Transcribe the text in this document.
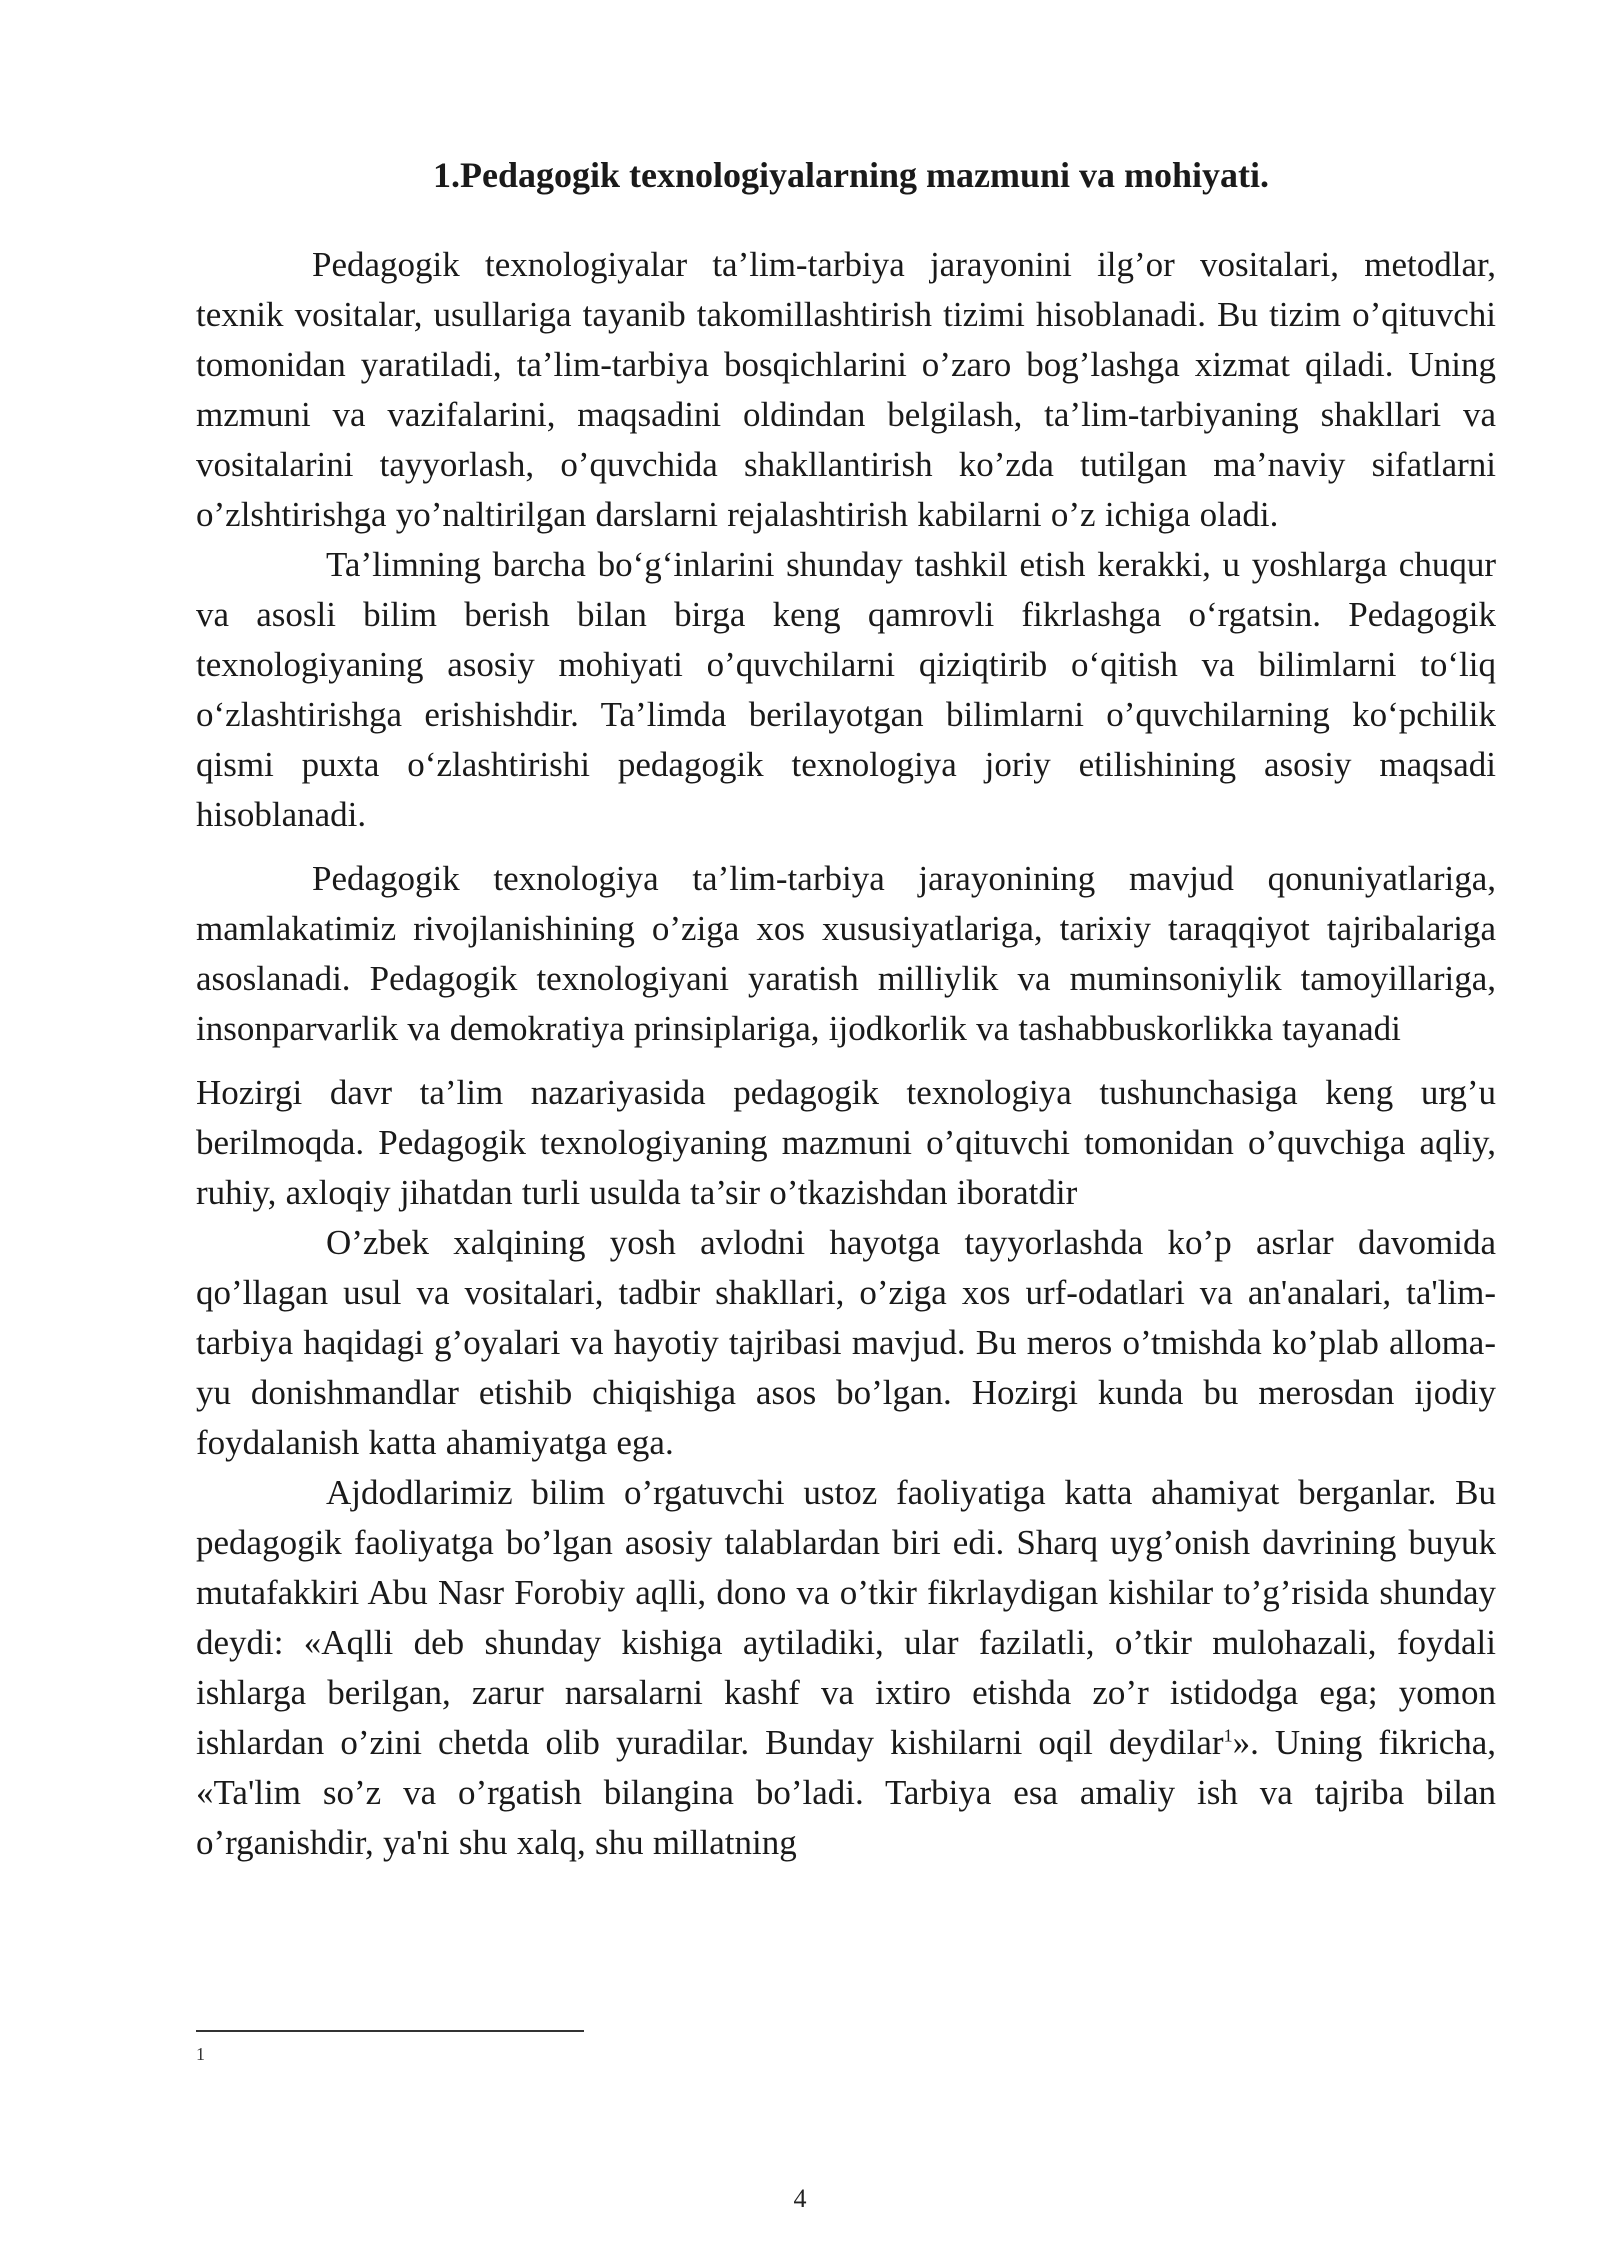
1.Pedagogik texnologiyalarning mazmuni va mohiyati.

Pedagogik texnologiyalar ta’lim-tarbiya jarayonini ilg’or vositalari, metodlar, texnik vositalar, usullariga tayanib takomillashtirish tizimi hisoblanadi. Bu tizim o’qituvchi tomonidan yaratiladi, ta’lim-tarbiya bosqichlarini o’zaro bog’lashga xizmat qiladi. Uning mzmuni va vazifalarini, maqsadini oldindan belgilash, ta’lim-tarbiyaning shakllari va vositalarini tayyorlash, o’quvchida shakllantirish ko’zda tutilgan ma’naviy sifatlarni o’zlshtirishga yo’naltirilgan darslarni rejalashtirish kabilarni o’z ichiga oladi.

Ta’limning barcha bo‘g‘inlarini shunday tashkil etish kerakki, u yoshlarga chuqur va asosli bilim berish bilan birga keng qamrovli fikrlashga o‘rgatsin. Pedagogik texnologiyaning asosiy mohiyati o’quvchilarni qiziqtirib o‘qitish va bilimlarni to‘liq o‘zlashtirishga erishishdir. Ta’limda berilayotgan bilimlarni o’quvchilarning ko‘pchilik qismi puxta o‘zlashtirishi pedagogik texnologiya joriy etilishining asosiy maqsadi hisoblanadi.

Pedagogik texnologiya ta’lim-tarbiya jarayonining mavjud qonuniyatlariga, mamlakatimiz rivojlanishining o’ziga xos xususiyatlariga, tarixiy taraqqiyot tajribalariga asoslanadi. Pedagogik texnologiyani yaratish milliylik va muminsoniylik tamoyillariga, insonparvarlik va demokratiya prinsiplariga, ijodkorlik va tashabbuskorlikka tayanadi

Hozirgi davr ta’lim nazariyasida pedagogik texnologiya tushunchasiga keng urg’u berilmoqda. Pedagogik texnologiyaning mazmuni o’qituvchi tomonidan o’quvchiga aqliy, ruhiy, axloqiy jihatdan turli usulda ta’sir o’tkazishdan iboratdir

O’zbek xalqining yosh avlodni hayotga tayyorlashda ko’p asrlar davomida qo’llagan usul va vositalari, tadbir shakllari, o’ziga xos urf-odatlari va an'analari, ta'lim-tarbiya haqidagi g’oyalari va hayotiy tajribasi mavjud. Bu meros o’tmishda ko’plab alloma-yu donishmandlar etishib chiqishiga asos bo’lgan. Hozirgi kunda bu merosdan ijodiy foydalanish katta ahamiyatga ega.

Ajdodlarimiz bilim o’rgatuvchi ustoz faoliyatiga katta ahamiyat berganlar. Bu pedagogik faoliyatga bo’lgan asosiy talablardan biri edi. Sharq uyg’onish davrining buyuk mutafakkiri Abu Nasr Forobiy aqlli, dono va o’tkir fikrlaydigan kishilar to’g’risida shunday deydi: «Aqlli deb shunday kishiga aytiladiki, ular fazilatli, o’tkir mulohazali, foydali ishlarga berilgan, zarur narsalarni kashf va ixtiro etishda zo’r istidodga ega; yomon ishlardan o’zini chetda olib yuradilar. Bunday kishilarni oqil deydilar$^1$». Uning fikricha, «Ta'lim so’z va o’rgatish bilangina bo’ladi. Tarbiya esa amaliy ish va tajriba bilan o’rganishdir, ya'ni shu xalq, shu millatning

1
4
